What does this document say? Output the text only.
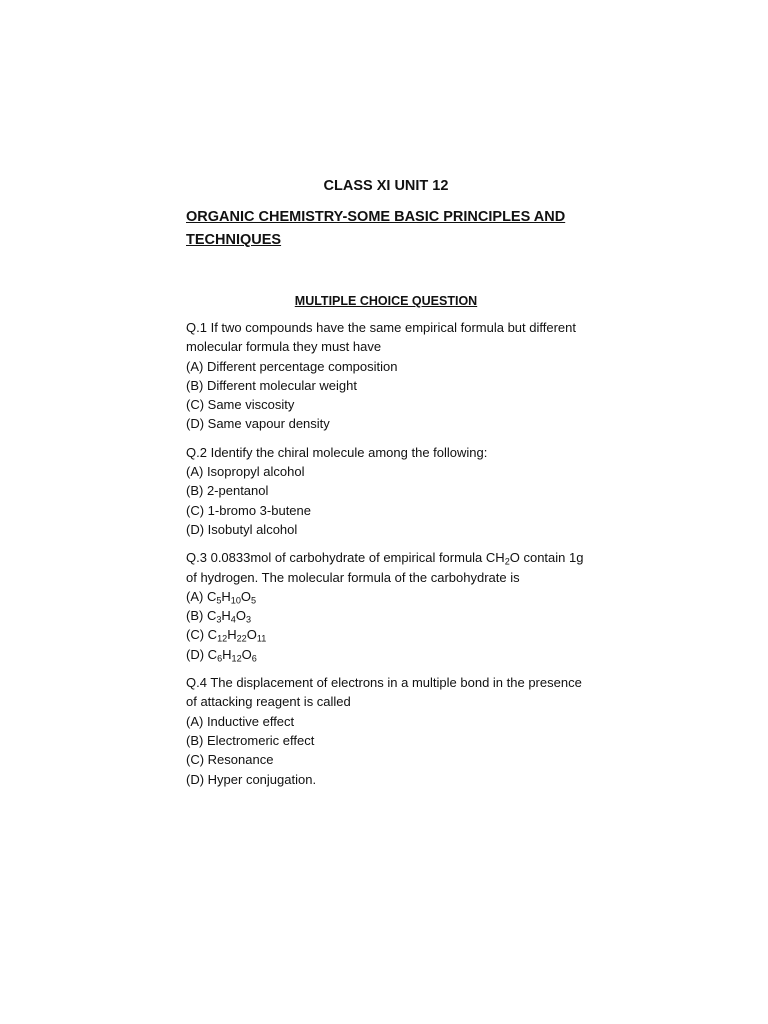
CLASS XI UNIT 12
ORGANIC CHEMISTRY-SOME BASIC PRINCIPLES AND TECHNIQUES
MULTIPLE CHOICE QUESTION

Q.1 If two compounds have the same empirical formula but different molecular formula they must have

(A) Different percentage composition
(B) Different molecular weight
(C) Same viscosity
(D) Same vapour density

Q.2 Identify the chiral molecule among the following:

(A) Isopropyl alcohol
(B) 2-pentanol
(C) 1-bromo 3-butene
(D) Isobutyl alcohol

Q.3 0.0833mol of carbohydrate of empirical formula $CH_2O$ contain 1g of hydrogen. The molecular formula of the carbohydrate is

(A) $C_5H_{10}O_5$
(B) $C_3H_4O_3$
(C) $C_{12}H_{22}O_{11}$
(D) $C_6H_{12}O_6$

Q.4 The displacement of electrons in a multiple bond in the presence of attacking reagent is called

(A) Inductive effect
(B) Electromeric effect
(C) Resonance
(D) Hyper conjugation.
